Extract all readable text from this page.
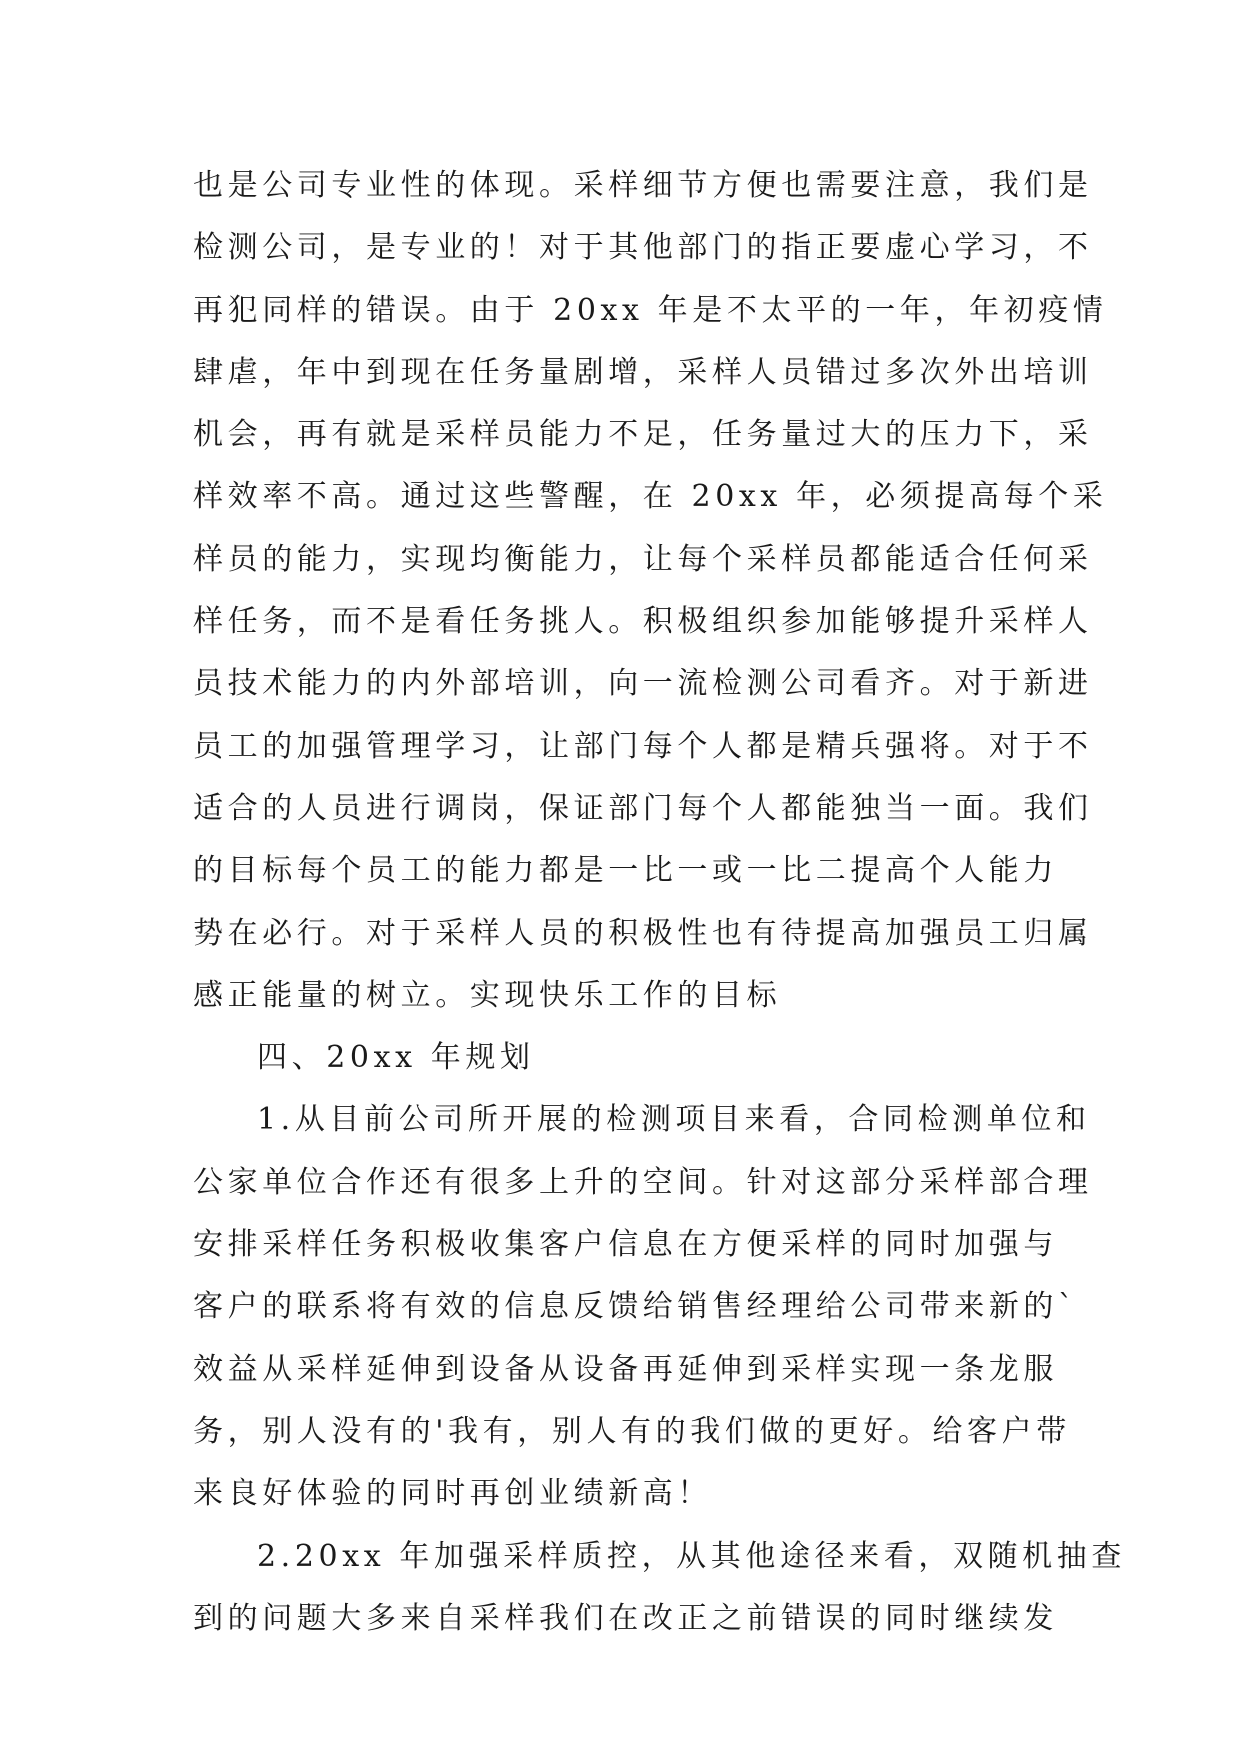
也是公司专业性的体现。采样细节方便也需要注意，我们是
检测公司，是专业的！对于其他部门的指正要虚心学习，不
再犯同样的错误。由于 20xx 年是不太平的一年，年初疫情
肆虐，年中到现在任务量剧增，采样人员错过多次外出培训
机会，再有就是采样员能力不足，任务量过大的压力下，采
样效率不高。通过这些警醒，在 20xx 年，必须提高每个采
样员的能力，实现均衡能力，让每个采样员都能适合任何采
样任务，而不是看任务挑人。积极组织参加能够提升采样人
员技术能力的内外部培训，向一流检测公司看齐。对于新进
员工的加强管理学习，让部门每个人都是精兵强将。对于不
适合的人员进行调岗，保证部门每个人都能独当一面。我们
的目标每个员工的能力都是一比一或一比二提高个人能力
势在必行。对于采样人员的积极性也有待提高加强员工归属
感正能量的树立。实现快乐工作的目标
四、20xx 年规划
1.从目前公司所开展的检测项目来看，合同检测单位和
公家单位合作还有很多上升的空间。针对这部分采样部合理
安排采样任务积极收集客户信息在方便采样的同时加强与
客户的联系将有效的信息反馈给销售经理给公司带来新的`
效益从采样延伸到设备从设备再延伸到采样实现一条龙服
务，别人没有的'我有，别人有的我们做的更好。给客户带
来良好体验的同时再创业绩新高！
2.20xx 年加强采样质控，从其他途径来看，双随机抽查
到的问题大多来自采样我们在改正之前错误的同时继续发
